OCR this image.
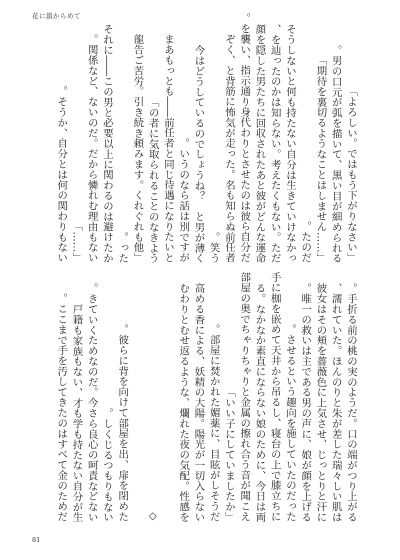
花に鎖からめて
そうか、自分とは何の関わりもない。 「……」
関係など、ないのだ。だから憐れむ理由もない。 それに――この男と必要以上に関わるのは避けたか った。 「龍告ご苦労。引き続き頼みます。くれぐれも他
の者に気取られることのなきよう」 まあもっとも――前任者と同じ待遇になりたいと いうのなら話は別ですが。 今はどうしているのでしょうね？　と男が薄く 笑う。 ぞく、と背筋に怖気が走った。名も知らぬ前任者
を襲い、指示通り身代わりとさせたのは彼ら自分だ。 顔を隠した男たちに回収されたあと彼がどんな運命 を辿ったのかは知らない。考えたくもない。ただ、 そうしないと何も持たない自分は生きていけなかっ たのだ。
「……期待を裏切るようなことはしません」
男の口元が弧を描いて、黒い目が細められる。 「よろしい。ではもう下がりなさい」
ここまで手を汚してきたのはすべて金のためだ。 戸籍も家族もない、才も学も持たない自分が生
きていくためなのだ。今さら良心の呵責などない。 しくじるつもりもない。
彼らに背を向けて部屋を出、扉を閉めた。 ◇ むわりとむせ返るような、爛れた夜の気配。性感を 高める香による、妖精の大陽。陽光が一切入らない 部屋に焚かれた媚薬に、目眩がしそうだ。 「いい子にしていましたか」 部屋の奥でちゃりちゃりと金属の擦れ合う音が聞こえ る。なかなか素直にならない娘のために、今日は両 手に枷を嵌めて天井から吊るし、寝台の上で膝立ちに させるという趣向を施していたのだった。
唯一の救いは主である男の声に、娘が顔を上げる。 彼女はその頬を薔薇色に上気させ、じっとりと汗に 濡れていた。ほんのりと朱が差した瑞々しい肌は、
手折る前の桃の実のようだ。口の端がつり上がる。
81
